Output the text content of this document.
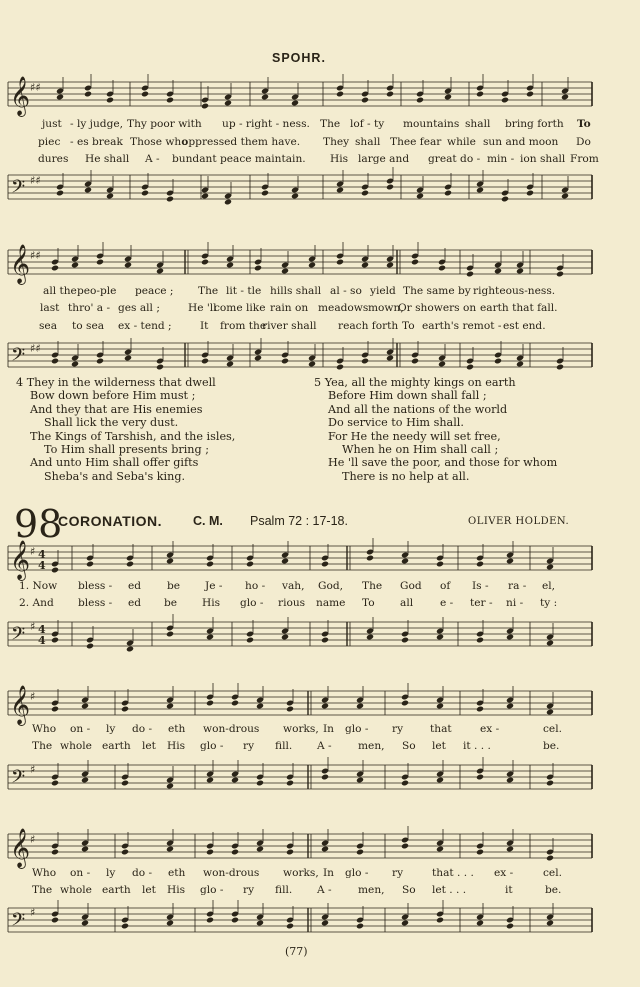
SPOHR.
𝄞 ♯♯
just - ly judge, Thy poor with up - right - ness. The lof - ty mountains shall bring forth To
piec - es break Those who
oppressed them have. They shall Thee fear while sun and moon Do
dures He shall A - bundant peace maintain. His large and great do - min - ion shall From
𝄢 ♯♯
𝄞 ♯♯
all the peo-ple peace ; The lit - tle hills shall al - so yield The same by righteous-ness.
last thro' a - ges all ;	He 'll
come like rain on meadows mown,
Or showers on earth that fall.
sea to sea ex - tend ;	It from the
river shall reach forth To earth's remot - est end.
𝄢 ♯♯
4 They in the wilderness that dwell
Bow down before Him must ;
And they that are His enemies
Shall lick the very dust.
The Kings of Tarshish, and the isles,
To Him shall presents bring ;
And unto Him shall offer gifts
Sheba's and Seba's king.
5 Yea, all the mighty kings on earth
Before Him down shall fall ;
And all the nations of the world
Do service to Him shall.
For He the needy will set free,
When he on Him shall call ;
He 'll save the poor, and those for whom
There is no help at all.
98
CORONATION. C. M. Psalm 72 : 17-18.	OLIVER HOLDEN.
𝄞 ♯ 4
4
1. Now bless - ed be Je - ho - vah, God, The God of Is - ra - el,
2. And bless - ed be His glo - rious name To all	e - ter - ni - ty :
𝄢 ♯ 4
4
𝄞 ♯
Who on - ly do - eth won-drous works, In glo - ry	that	ex -	cel.
The whole earth let His glo - ry fill. A - men, So let it . . .	be.
𝄢 ♯
𝄞 ♯
Who on - ly do - eth won-drous works, In glo - ry	that . . . ex -	cel.
The whole earth let His glo - ry fill. A - men, So let . . .	it	be.
𝄢 ♯
(77)
